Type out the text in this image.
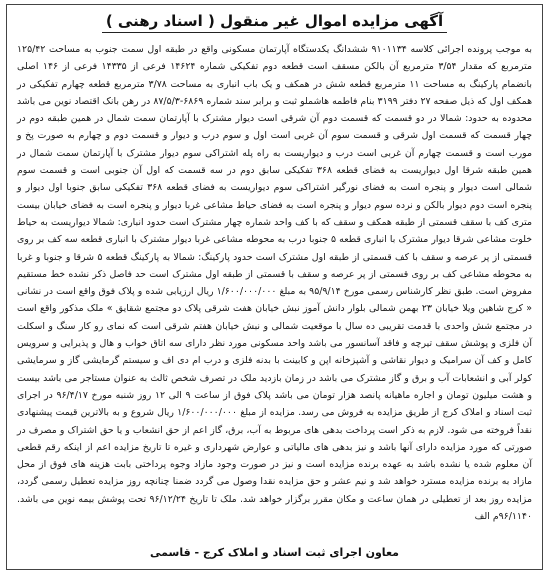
آگهی مزایده اموال غیر منقول ( اسناد رهنی )
به موجب پرونده اجرائی کلاسه ۹۱۰۱۱۳۴ ششدانگ یکدستگاه آپارتمان مسکونی واقع در طبقه اول سمت جنوب به مساحت ۱۲۵/۴۲ مترمربع که مقدار ۳/۵۴ مترمربع آن بالکن مسقف است قطعه دوم تفکیکی شماره ۱۴۶۲۴ فرعی از ۱۴۳۳۵ فرعی از ۱۴۶ اصلی بانضمام پارکینگ به مساحت ۱۱ مترمربع قطعه شش در همکف و یک باب انباری به مساحت ۳/۷۸ مترمربع قطعه چهارم تفکیکی در همکف اول که ذیل صفحه ۲۷ دفتر ۳۱۹۹ بنام فاطمه هاشملو ثبت و برابر سند شماره ۶۸۶۹-۸۷/۵/۳ در رهن بانک اقتصاد نوین می باشد محدوده به حدود: شمالا در دو قسمت که قسمت دوم آن شرقی است دیوار مشترک با آپارتمان سمت شمال در همین طبقه دوم در چهار قسمت که قسمت اول شرقی و قسمت سوم آن غربی است اول و سوم درب و دیوار و قسمت دوم و چهارم به صورت پخ و مورب است و قسمت چهارم آن غربی است درب و دیواریست به راه پله اشتراکی سوم دیوار مشترک با آپارتمان سمت شمال در همین طبقه شرقا اول دیواریست به فضای قطعه ۳۶۸ تفکیکی سابق دوم در سه قسمت که اول آن جنوبی است و قسمت سوم شمالی است دیوار و پنجره است به فضای نورگیر اشتراکی سوم دیواریست به فضای قطعه ۳۶۸ تفکیکی سابق جنوبا اول دیوار و پنجره است دوم دیوار بالکن و نرده سوم دیوار و پنجره است به فضای حیاط مشاعی غربا دیوار و پنجره است به فضای خیابان بیست متری کف با سقف قسمتی از طبقه همکف و سقف که با کف واحد شماره چهار مشترک است حدود انباری: شمالا دیواریست به حیاط خلوت مشاعی شرقا دیوار مشترک با انباری قطعه ۵ جنوبا درب به محوطه مشاعی غربا دیوار مشترک با انباری قطعه سه کف بر روی قسمتی از پر عرصه و سقف با کف قسمتی از طبقه اول مشترک است حدود پارکینگ: شمالا به پارکینگ قطعه ۵ شرقا و جنوبا و غربا به محوطه مشاعی کف بر روی قسمتی از پر عرصه و سقف با قسمتی از طبقه اول مشترک است حد فاصل ذکر نشده خط مستقیم مفروض است. طبق نظر کارشناس رسمی مورخ ۹۵/۹/۱۴ به مبلغ ۱/۶۰۰/۰۰۰/۰۰۰ ریال ارزیابی شده و پلاک فوق واقع است در نشانی « کرج شاهین ویلا خیابان ۲۳ بهمن شمالی بلوار دانش آموز نبش خیابان هفت شرقی پلاک دو مجتمع شقایق » ملک مذکور واقع است در مجتمع شش واحدی با قدمت تقریبی ده سال با موقعیت شمالی و نبش خیابان هفتم شرقی است که نمای رو کار سنگ و اسکلت آن فلزی و پوشش سقف تیرچه و فاقد آسانسور می باشد واحد مسکونی مورد نظر دارای سه اتاق خواب و هال و پذیرایی و سرویس کامل و کف آن سرامیک و دیوار نقاشی و آشپزخانه اپن و کابینت با بدنه فلزی و درب ام دی اف و سیستم گرمایشی گاز و سرمایشی کولر آبی و انشعابات آب و برق و گاز مشترک می باشد در زمان بازدید ملک در تصرف شخص ثالث به عنوان مستاجر می باشد بیست و هشت میلیون تومان و اجاره ماهیانه پانصد هزار تومان می باشد پلاک فوق از ساعت ۹ الی ۱۲ روز شنبه مورخ ۹۶/۴/۱۷ در اجرای ثبت اسناد و املاک کرج از طریق مزایده به فروش می رسد. مزایده از مبلغ ۱/۶۰۰/۰۰۰/۰۰۰ ریال شروع و به بالاترین قیمت پیشنهادی نقداً فروخته می شود. لازم به ذکر است پرداخت بدهی های مربوط به آب، برق، گاز اعم از حق انشعاب و یا حق اشتراک و مصرف در صورتی که مورد مزایده دارای آنها باشد و نیز بدهی های مالیاتی و عوارض شهرداری و غیره تا تاریخ مزایده اعم از اینکه رقم قطعی آن معلوم شده یا نشده باشد به عهده برنده مزایده است و نیز در صورت وجود مازاد وجوه پرداختی بابت هزینه های فوق از محل مازاد به برنده مزایده مسترد خواهد شد و نیم عشر و حق مزایده نقدا وصول می گردد ضمنا چنانچه روز مزایده تعطیل رسمی گردد، مزایده روز بعد از تعطیلی در همان ساعت و مکان مقرر برگزار خواهد شد. ملک تا تاریخ ۹۶/۱۲/۲۴ تحت پوشش بیمه نوین می باشد. ۹۶/۱۱۴۰م الف
معاون اجرای ثبت اسناد و املاک کرج - قاسمی
